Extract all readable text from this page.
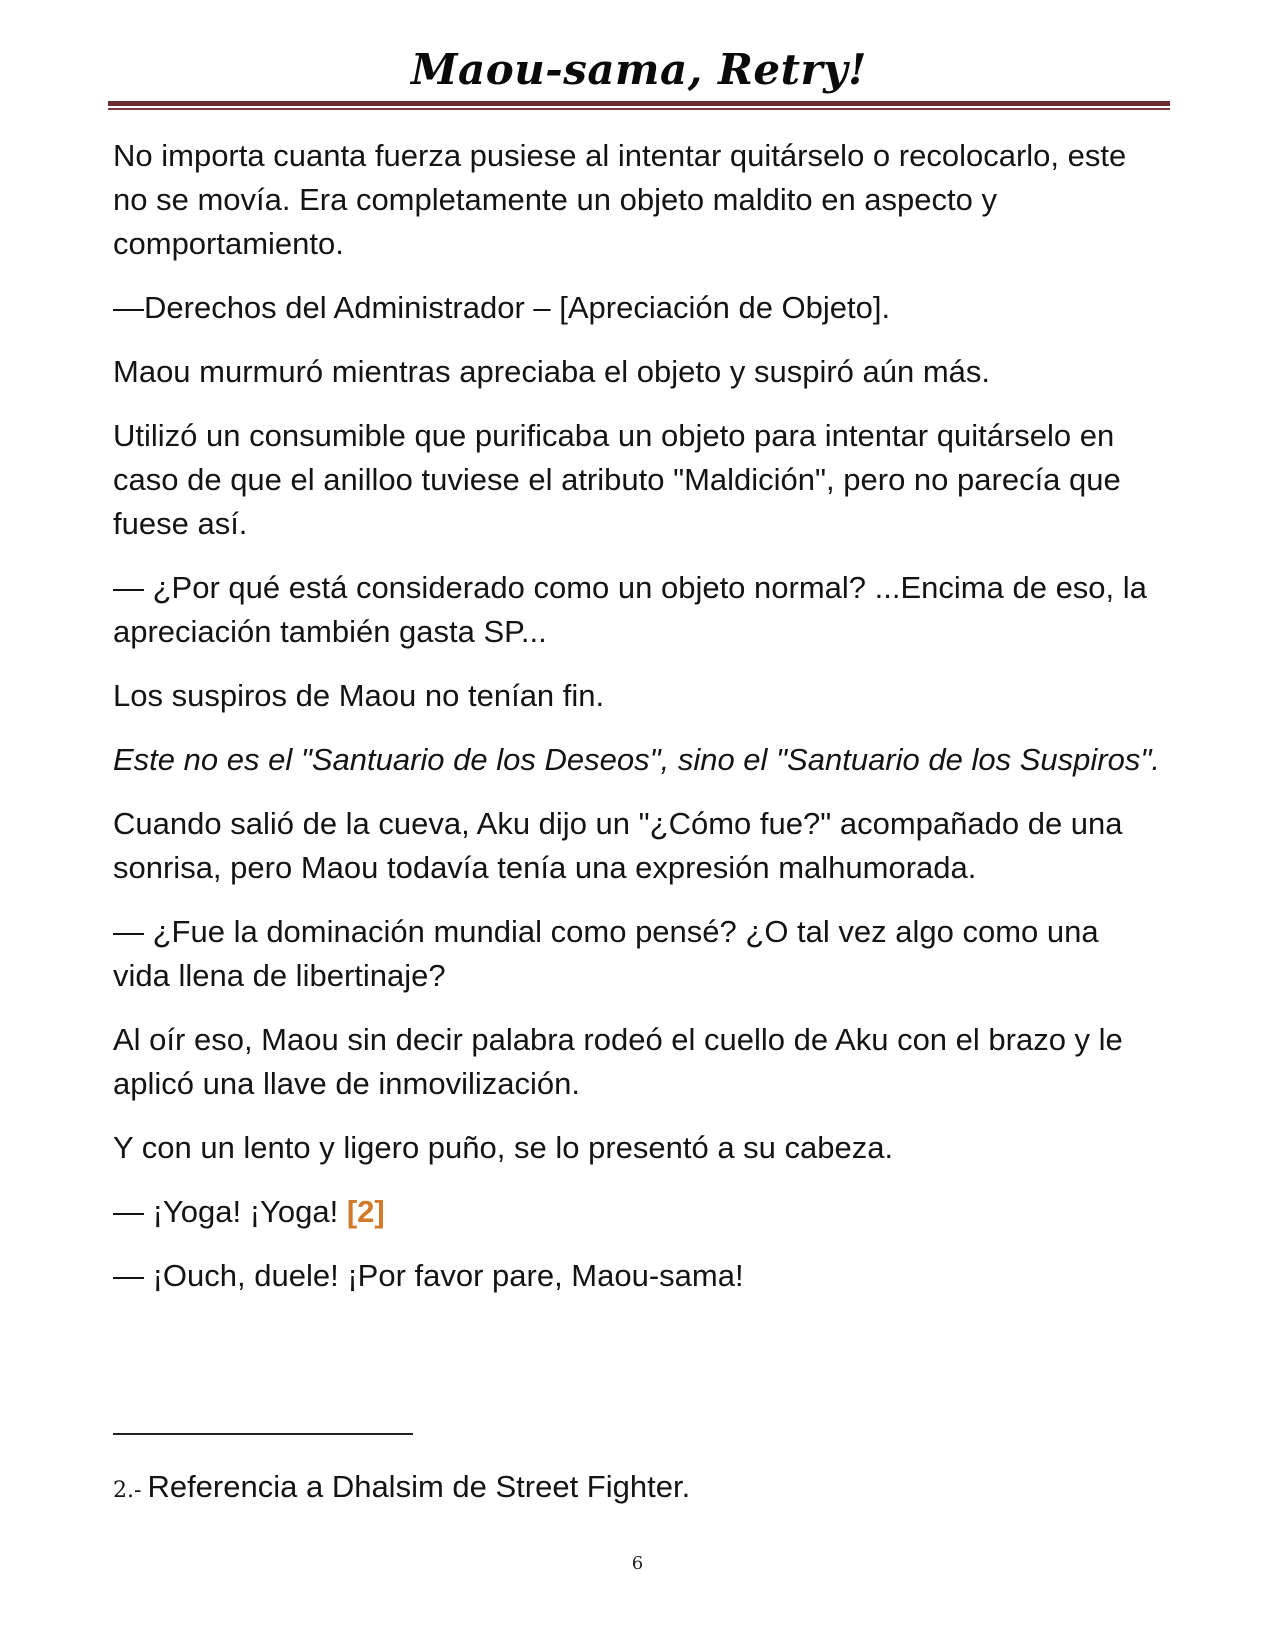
Maou-sama, Retry!

No importa cuanta fuerza pusiese al intentar quitárselo o recolocarlo, este no se movía. Era completamente un objeto maldito en aspecto y comportamiento.

—Derechos del Administrador – [Apreciación de Objeto].

Maou murmuró mientras apreciaba el objeto y suspiró aún más.

Utilizó un consumible que purificaba un objeto para intentar quitárselo en caso de que el anilloo tuviese el atributo "Maldición", pero no parecía que fuese así.

— ¿Por qué está considerado como un objeto normal? ...Encima de eso, la apreciación también gasta SP...

Los suspiros de Maou no tenían fin.

Este no es el "Santuario de los Deseos", sino el "Santuario de los Suspiros".

Cuando salió de la cueva, Aku dijo un "¿Cómo fue?" acompañado de una sonrisa, pero Maou todavía tenía una expresión malhumorada.

— ¿Fue la dominación mundial como pensé? ¿O tal vez algo como una vida llena de libertinaje?

Al oír eso, Maou sin decir palabra rodeó el cuello de Aku con el brazo y le aplicó una llave de inmovilización.

Y con un lento y ligero puño, se lo presentó a su cabeza.

— ¡Yoga! ¡Yoga! [2]

— ¡Ouch, duele! ¡Por favor pare, Maou-sama!

2.- Referencia a Dhalsim de Street Fighter.
6
